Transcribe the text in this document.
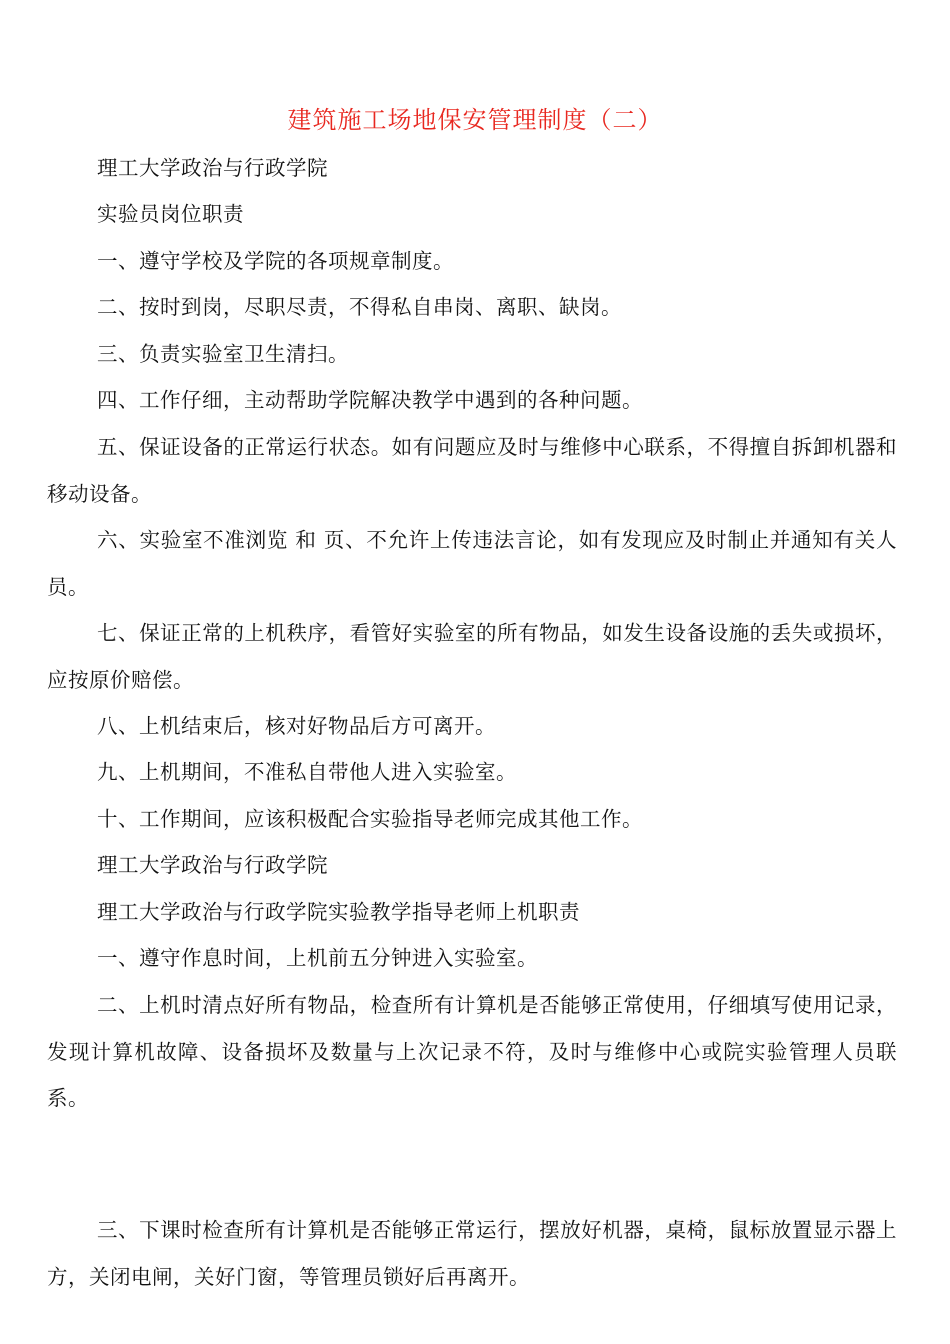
建筑施工场地保安管理制度（二）

理工大学政治与行政学院

实验员岗位职责

一、遵守学校及学院的各项规章制度。

二、按时到岗，尽职尽责，不得私自串岗、离职、缺岗。

三、负责实验室卫生清扫。

四、工作仔细，主动帮助学院解决教学中遇到的各种问题。

五、保证设备的正常运行状态。如有问题应及时与维修中心联系，不得擅自拆卸机器和移动设备。

六、实验室不准浏览 和 页、不允许上传违法言论，如有发现应及时制止并通知有关人员。

七、保证正常的上机秩序，看管好实验室的所有物品，如发生设备设施的丢失或损坏，应按原价赔偿。

八、上机结束后，核对好物品后方可离开。

九、上机期间，不准私自带他人进入实验室。

十、工作期间，应该积极配合实验指导老师完成其他工作。

理工大学政治与行政学院

理工大学政治与行政学院实验教学指导老师上机职责

一、遵守作息时间，上机前五分钟进入实验室。

二、上机时清点好所有物品，检查所有计算机是否能够正常使用，仔细填写使用记录，发现计算机故障、设备损坏及数量与上次记录不符，及时与维修中心或院实验管理人员联系。

三、下课时检查所有计算机是否能够正常运行，摆放好机器，桌椅，鼠标放置显示器上方，关闭电闸，关好门窗，等管理员锁好后再离开。
